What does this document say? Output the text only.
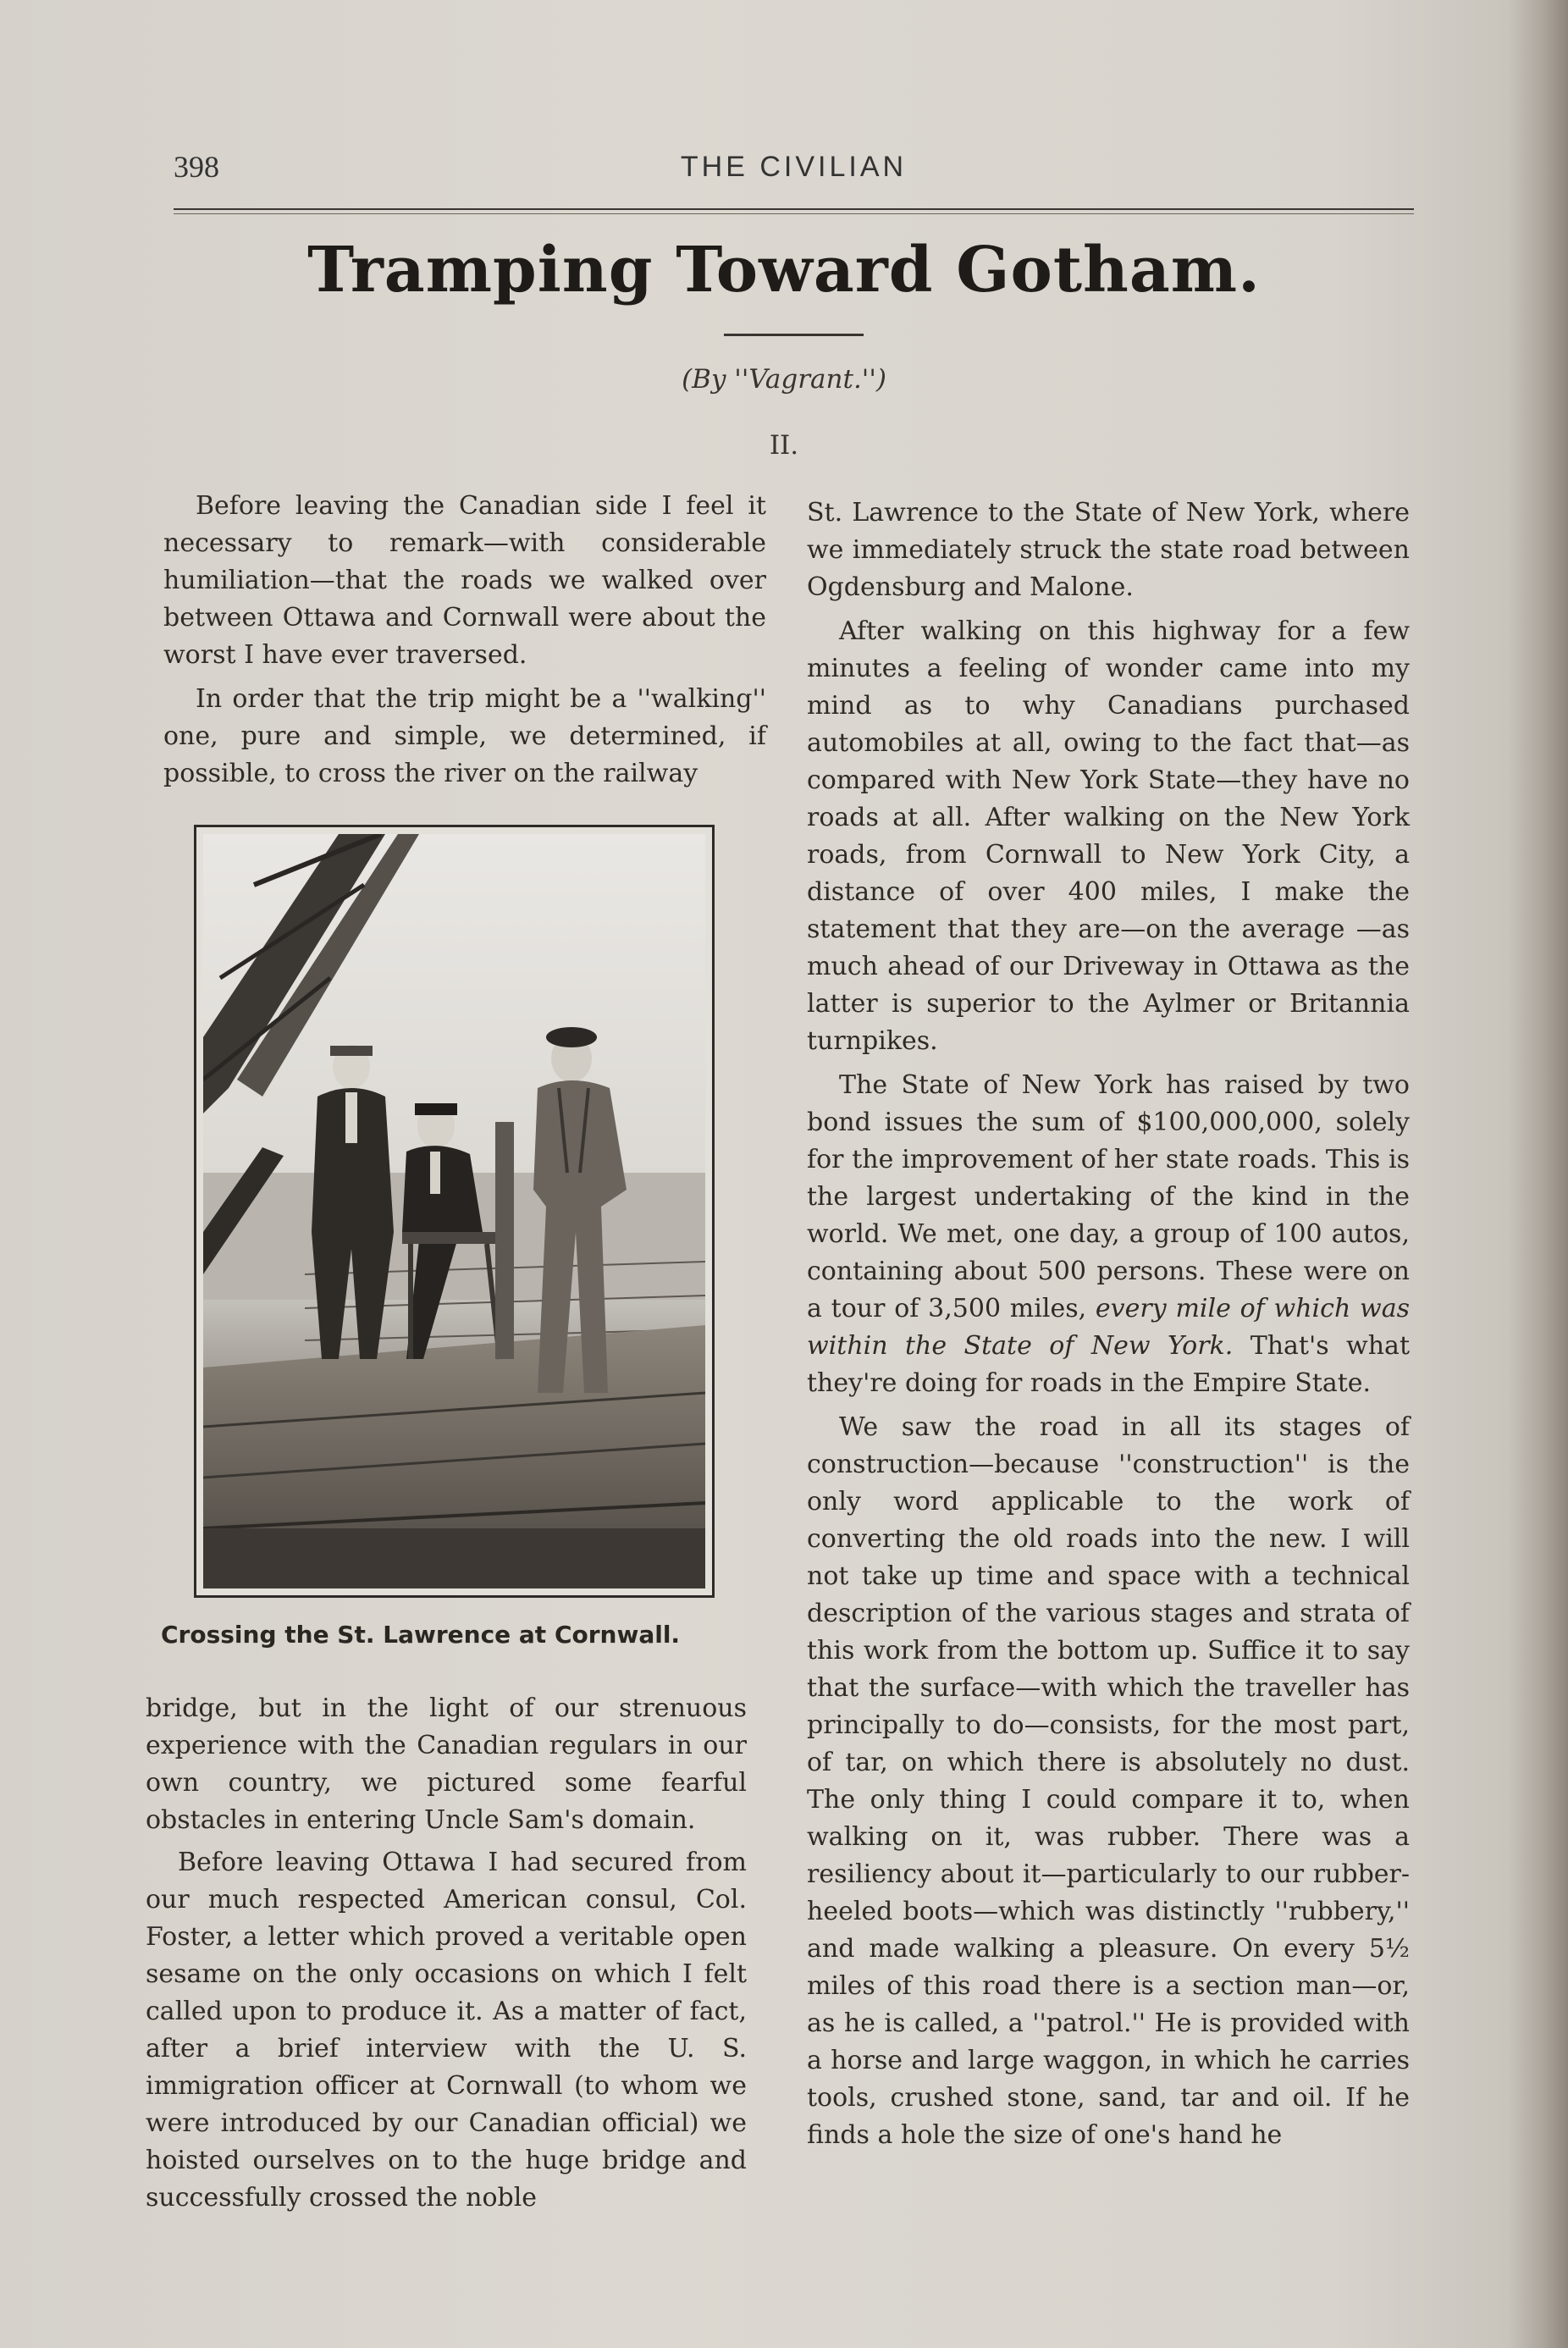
398	THE CIVILIAN
Tramping Toward Gotham.
(By ''Vagrant.'')
II.

Before leaving the Canadian side I feel it necessary to remark—with considerable humiliation—that the roads we walked over between Ottawa and Cornwall were about the worst I have ever traversed.

In order that the trip might be a ''walking'' one, pure and simple, we determined, if possible, to cross the river on the railway

Crossing the St. Lawrence at Cornwall.

bridge, but in the light of our strenuous experience with the Canadian regulars in our own country, we pictured some fearful obstacles in entering Uncle Sam's domain.

Before leaving Ottawa I had secured from our much respected American consul, Col. Foster, a letter which proved a veritable open sesame on the only occasions on which I felt called upon to produce it. As a matter of fact, after a brief interview with the U. S. immigration officer at Cornwall (to whom we were introduced by our Canadian official) we hoisted ourselves on to the huge bridge and successfully crossed the noble

St. Lawrence to the State of New York, where we immediately struck the state road between Ogdensburg and Malone.

After walking on this highway for a few minutes a feeling of wonder came into my mind as to why Canadians purchased automobiles at all, owing to the fact that—as compared with New York State—they have no roads at all. After walking on the New York roads, from Cornwall to New York City, a distance of over 400 miles, I make the statement that they are—on the average —as much ahead of our Driveway in Ottawa as the latter is superior to the Aylmer or Britannia turnpikes.

The State of New York has raised by two bond issues the sum of $100,000,000, solely for the improvement of her state roads. This is the largest undertaking of the kind in the world. We met, one day, a group of 100 autos, containing about 500 persons. These were on a tour of 3,500 miles, every mile of which was within the State of New York. That's what they're doing for roads in the Empire State.

We saw the road in all its stages of construction—because ''construction'' is the only word applicable to the work of converting the old roads into the new. I will not take up time and space with a technical description of the various stages and strata of this work from the bottom up. Suffice it to say that the surface—with which the traveller has principally to do—consists, for the most part, of tar, on which there is absolutely no dust. The only thing I could compare it to, when walking on it, was rubber. There was a resiliency about it—particularly to our rubber-heeled boots—which was distinctly ''rubbery,'' and made walking a pleasure. On every 5½ miles of this road there is a section man—or, as he is called, a ''patrol.'' He is provided with a horse and large waggon, in which he carries tools, crushed stone, sand, tar and oil. If he finds a hole the size of one's hand he
